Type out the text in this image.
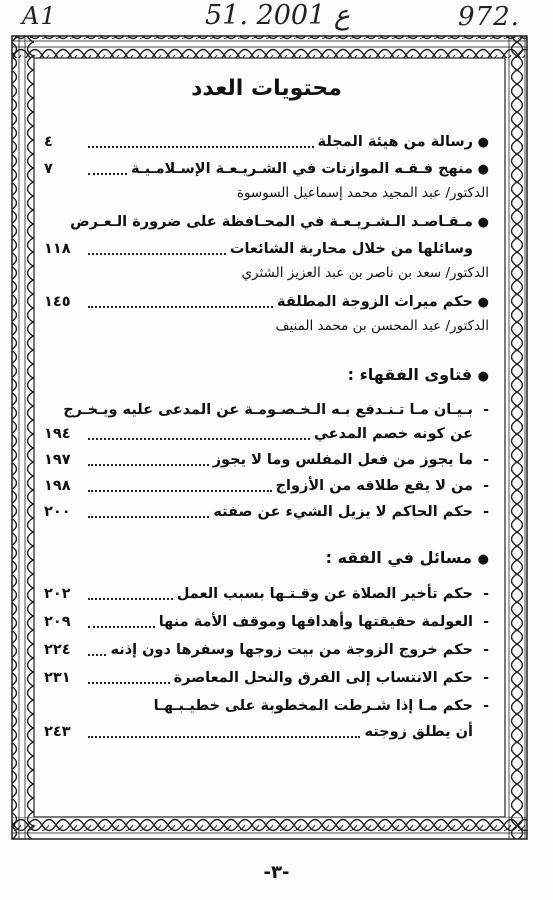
A1	51. ع 2001	972.
محتويات العدد
●
رسالة من هيئة المجلة
٤
●
منهج فـقـه الموازنات في الشـريـعـة الإسـلامـيـة
٧
الدكتور/ عبد المجيد محمد إسماعيل السوسوة
●
مـقـاصـد الـشـريـعـة في المحـافظة على ضرورة الـعـرض
وسائلها من خلال محاربة الشائعات
١١٨
الدكتور/ سعد بن ناصر بن عبد العزيز الشثري
●
حكم ميراث الزوجة المطلقة
١٤٥
الدكتور/ عبد المحسن بن محمد المنيف
● فتاوى الفقهاء :
-
بـيـان مـا تـنـدفع بـه الـخـصـومـة عن المدعى عليه ويـخـرج
عن كونه خصم المدعي
١٩٤
-
ما يجوز من فعل المفلس وما لا يجوز
١٩٧
-
من لا يقع طلاقه من الأزواج
١٩٨
-
حكم الحاكم لا يزيل الشيء عن صفته
٢٠٠
● مسائل في الفقه :
-
حكم تأخير الصلاة عن وقـتـها بسبب العمل
٢٠٢
-
العولمة حقيقتها وأهدافها وموقف الأمة منها
٢٠٩
-
حكم خروج الزوجة من بيت زوجها وسفرها دون إذنه
٢٢٤
-
حكم الانتساب إلى الفرق والنحل المعاصرة
٢٣١
-
حكم مـا إذا شـرطت المخطوبة على خطيـبـهـا
أن يطلق زوجته
٢٤٣
-٣-
